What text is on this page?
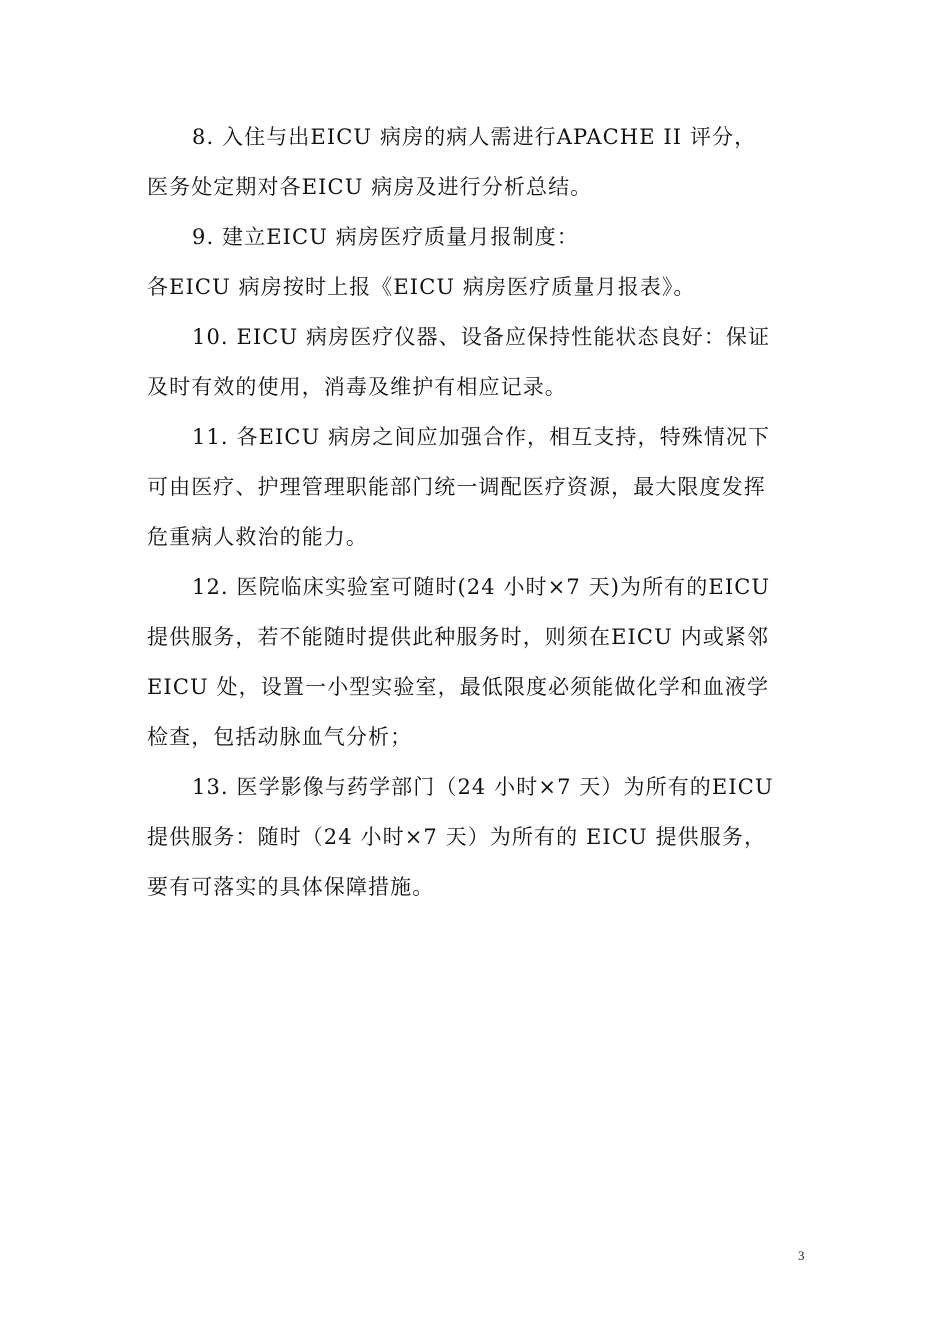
8. 入住与出EICU 病房的病人需进行APACHE II 评分，
医务处定期对各EICU 病房及进行分析总结。
9. 建立EICU 病房医疗质量月报制度：
各EICU 病房按时上报《EICU 病房医疗质量月报表》。
10. EICU 病房医疗仪器、设备应保持性能状态良好：保证
及时有效的使用，消毒及维护有相应记录。
11. 各EICU 病房之间应加强合作，相互支持，特殊情况下
可由医疗、护理管理职能部门统一调配医疗资源，最大限度发挥
危重病人救治的能力。
12. 医院临床实验室可随时(24 小时×7 天)为所有的EICU
提供服务，若不能随时提供此种服务时，则须在EICU 内或紧邻
EICU 处，设置一小型实验室，最低限度必须能做化学和血液学
检查，包括动脉血气分析；
13. 医学影像与药学部门（24 小时×7 天）为所有的EICU
提供服务：随时（24 小时×7 天）为所有的 EICU 提供服务，
要有可落实的具体保障措施。
3
